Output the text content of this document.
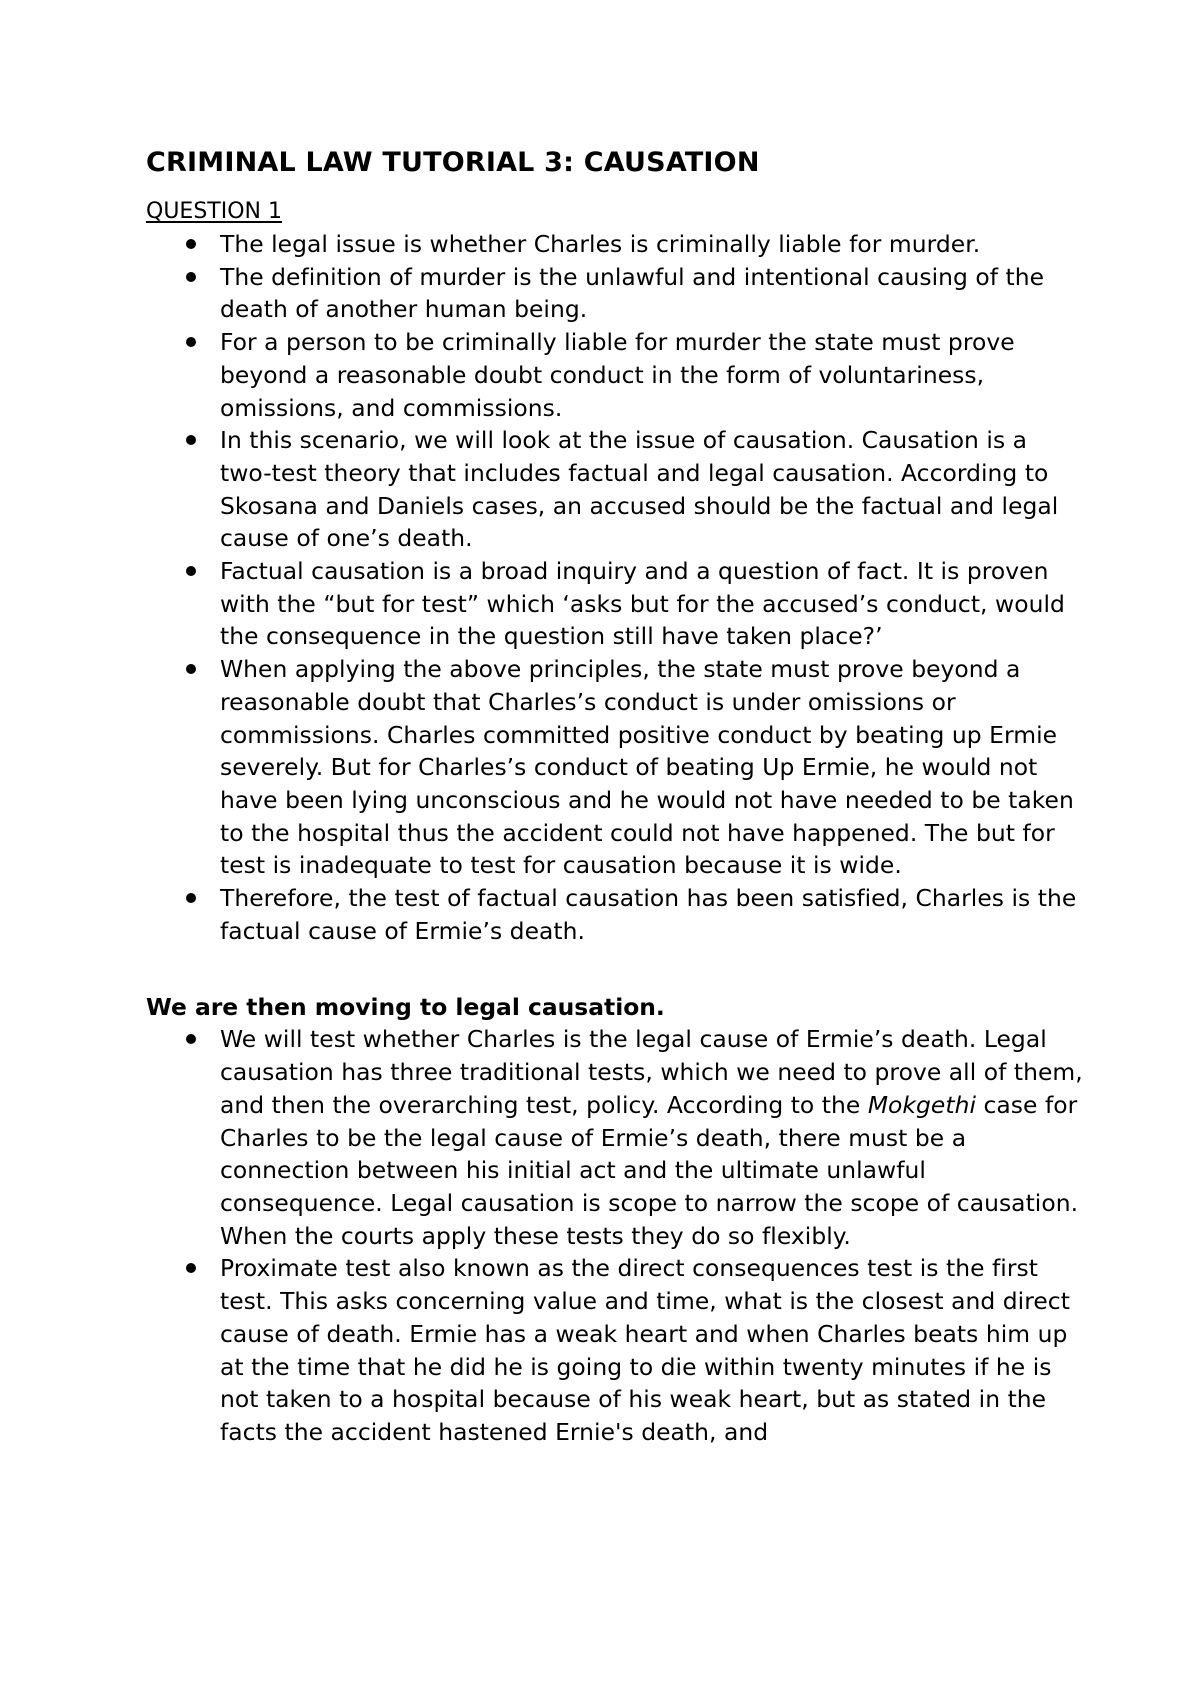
CRIMINAL LAW TUTORIAL 3: CAUSATION

QUESTION 1

The legal issue is whether Charles is criminally liable for murder.
The definition of murder is the unlawful and intentional causing of the death of another human being.
For a person to be criminally liable for murder the state must prove beyond a reasonable doubt conduct in the form of voluntariness, omissions, and commissions.
In this scenario, we will look at the issue of causation. Causation is a two-test theory that includes factual and legal causation. According to Skosana and Daniels cases, an accused should be the factual and legal cause of one’s death.
Factual causation is a broad inquiry and a question of fact. It is proven with the “but for test” which ‘asks but for the accused’s conduct, would the consequence in the question still have taken place?’
When applying the above principles, the state must prove beyond a reasonable doubt that Charles’s conduct is under omissions or commissions. Charles committed positive conduct by beating up Ermie severely. But for Charles’s conduct of beating Up Ermie, he would not have been lying unconscious and he would not have needed to be taken to the hospital thus the accident could not have happened. The but for test is inadequate to test for causation because it is wide.
Therefore, the test of factual causation has been satisfied, Charles is the factual cause of Ermie’s death.

We are then moving to legal causation.

We will test whether Charles is the legal cause of Ermie’s death. Legal causation has three traditional tests, which we need to prove all of them, and then the overarching test, policy. According to the Mokgethi case for Charles to be the legal cause of Ermie’s death, there must be a connection between his initial act and the ultimate unlawful consequence. Legal causation is scope to narrow the scope of causation. When the courts apply these tests they do so flexibly.
Proximate test also known as the direct consequences test is the first test. This asks concerning value and time, what is the closest and direct cause of death. Ermie has a weak heart and when Charles beats him up at the time that he did he is going to die within twenty minutes if he is not taken to a hospital because of his weak heart, but as stated in the facts the accident hastened Ernie's death, and
